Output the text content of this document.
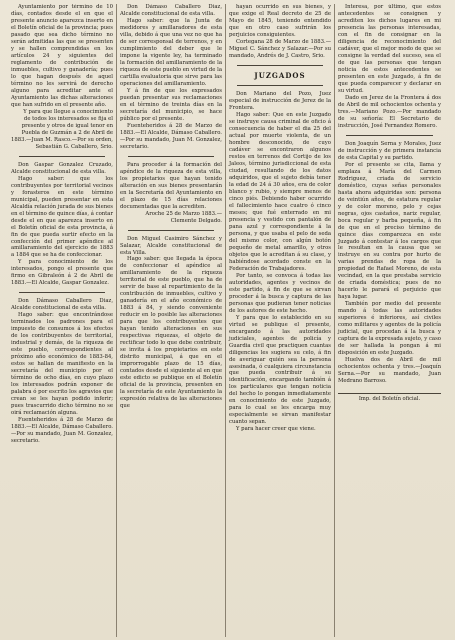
Ayuntamiento por término de 10 días, contados desde el en que el presente anuncio aparezca inserto en el Boletín oficial de la provincia; pues pasado que sea dicho término no serán admitidas las que se presenten y se hallen comprendidas en los artículos 24 y siguientes del reglamento de contribución de inmuebles, cultivo y ganadería; pues lo que hagan después de aquel término no les servirá de derecho alguno para acreditar ante el Ayuntamiento las dichas alteraciones que han sufrido en el presente año.

Y para que llegue a conocimiento de todos los interesados se fija el presente y otros de igual tenor en Puebla de Guzmán a 2 de Abril de 1883.—Juan M. Rasco.—Por su orden, Sebastián G. Caballero, Srio.

Don Gaspar Gonzalez Cruzado, Alcalde constitucional de esta villa.

Hago saber: que los contribuyentes por territorial vecinos y forasteros en este término municipal, pueden presentar en esta Alcaldía relación jurada de sus bienes en el término de quince días, á contar desde el en que aparezca inserto en el Boletín oficial de esta provincia, á fin de que pueda surtir efecto en la confección del primer apéndice al amillaramiento del ejercicio de 1883 a 1884 que se ha de confeccionar.

Y para conocimiento de los interesados, pongo el presente que firmo en Gibraleón á 2 de Abril de 1883.—El Alcalde, Gaspar Gonzalez.

Don Dámaso Caballero Diaz, Alcalde constitucional de esta villa.

Hago saber: que encontrándose terminados los padrones para el impuesto de consumos á los efectos de los contribuyentes de territorial, industrial y demás, de la riqueza de este pueblo, correspondientes al próximo año económico de 1883-84, estos se hallan de manifiesto en la secretaría del municipio por el término de ocho días, en cuyo plazo los interesados podrán exponer de palabra ó por escrito los agravios que crean se les hayan podido inferir; pues trascurrido dicho término no se oirá reclamación alguna.

Fuenteheridos á 28 de Marzo de 1883.—El Alcalde, Dámaso Caballero.—Por su mandado, Juan M. Gonzalez, secretario.

Don Dámaso Caballero Diaz, Alcalde constitucional de esta villa.

Hago saber: que la Junta de medidores y amillaradores de esta villa, debido á que una vez no que ha de ser corresponsal de terrenos, y en cumplimiento del deber que le impone la vigente ley, ha terminado la formación del amillaramiento de la riqueza de este pueblo en virtud de la cartilla evaluatoria que sirve para las operaciones del amillaramiento.

Y á fin de que los expresados puedan presentar sus reclamaciones en el término de treinta días en la secretaría del municipio, se hace público por el presente.

Fuenteheridos á 28 de Marzo de 1883.—El Alcalde, Dámaso Caballero.—Por su mandado, Juan M. Gonzalez, secretario.

Para proceder á la formación del apéndice de la riqueza de esta villa, los propietarios que hayan tenido alteración en sus bienes presentarán en la Secretaría del Ayuntamiento en el plazo de 15 días relaciones documentadas que la acrediten.

Aroche 25 de Marzo 1883.—Clemente Delgado.

Don Miguel Casimiro Sánchez y Salazar, Alcalde constitucional de esta Villa.

Hago saber: que llegada la época de confeccionar el apéndice al amillaramiento de la riqueza territorial de este pueblo, que ha de servir de base al repartimiento de la contribución de inmuebles, cultivo y ganadería en el año económico de 1883 á 84, y siendo conveniente reducir en lo posible las alteraciones para que los contribuyentes que hayan tenido alteraciones en sus respectivas riquezas, el objeto de rectificar todo lo que debe contribuir, se invita á los propietarios en este distrito municipal, á que en el improrrogable plazo de 15 días, contados desde el siguiente al en que este edicto se publique en el Boletín oficial de la provincia, presenten en la secretaría de este Ayuntamiento la expresión relativa de las alteraciones que

hayan ocurrido en sus bienes, y que exige el Real decreto de 25 de Mayo de 1845, teniendo entendido que en otro caso sufrirán los perjuicios consiguientes.

Cortegana 28 de Marzo de 1883.—Miguel C. Sánchez y Salazar.—Por su mandado, Andrés de J. Castro, Srio.

JUZGADOS

Don Mariano del Pozo, Juez especial de instrucción de Jerez de la Frontera.

Hago saber: Que en este Juzgado se instruye causa criminal de oficio á consecuencia de haber el dia 25 del actual por muerte violenta, de un hombre desconocido, de cuyo cadáver se encontraron algunos restos en terrenos del Cortijo de los Jaleos, término jurisdiccional de esta ciudad, resultando de los datos adquiridos, que el sujeto debía tener la edad de 24 á 30 años, era de color blanco y rubio, y siempre menos de cinco piés. Debiendo haber ocurrido el fallecimiento hace cuatro ó cinco meses; que fué enterrado en mi presencia y vestido con pantalón de pana azul y correspondiente á la persona, y que usaba el pelo de seda del mismo color, con algún botón pequeño de metal amarillo, y otros objetos que le acreditan á su clase, y habiéndose acordado conste en la Federación de Trabajadores.

Por tanto, se convoca á todas las autoridades, agentes y vecinos de este partido, á fin de que se sirvan proceder á la busca y captura de las personas que pudieran tener noticias de los autores de este hecho.

Y para que lo establecido en su virtud se publique el presente, encargando á las autoridades judiciales, agentes de policía y Guardia civil que practiquen cuantas diligencias les sugiera su celo, á fin de averiguar quién sea la persona asesinada, ó cualquiera circunstancia que pueda contribuir á su identificación, encargando también á los particulares que tengan noticia del hecho lo pongan inmediatamente en conocimiento de este Juzgado, para lo cual se les encarga muy especialmente se sirvan manifestar cuanto sepan.

Y para hacer creer que viene.

Interesa, por último, que estos antecedentes se consignen y acrediten los dichos lugares en mi presencia las personas interesadas, con el fin de consignar en la diligencia de reconocimiento del cadáver, que el mejor modo de que se consigne la verdad del suceso, sea el de que las personas que tengan noticia de estos antecedentes se presenten en este Juzgado, á fin de que pueda comparecer y declarar en su virtud.

Dado en Jerez de la Frontera á dos de Abril de mil ochocientos ochenta y tres.—Mariano Pozo.—Por mandado de su señoría: El Secretario de instrucción, José Fernandez Romero.

Don Joaquín Serna y Morales, Juez de instrucción y de primera instancia de esta Capital y su partido.

Por el presente se cita, llama y emplaza á María del Carmen Rodriguez, criada de servicio doméstico, cuyas señas personales hasta ahora adquiridas son: persona de veintiún años, de estatura regular y de color moreno, pelo y cejas negras, ojos castaños, nariz regular, boca regular y barba pequeña, á fin de que en el preciso término de quince días comparezca en este Juzgado á contestar á los cargos que le resultan en la causa que se instruye en su contra por hurto de varias prendas de ropa de la propiedad de Rafael Moreno, de esta vecindad, en la que prestaba servicio de criada doméstica; pues de no hacerlo le parará el perjuicio que haya lugar.

También por medio del presente mando á todas las autoridades superiores é inferiores, así civiles como militares y agentes de la policía judicial, que procedan á la busca y captura de la expresada sujeto, y caso de ser hallada la pongan á mi disposición en este Juzgado.

Huelva dos de Abril de mil ochocientos ochenta y tres.—Joaquín Serna.—Por su mandado, Juan Medrano Barroso.

Imp. del Boletín oficial.
